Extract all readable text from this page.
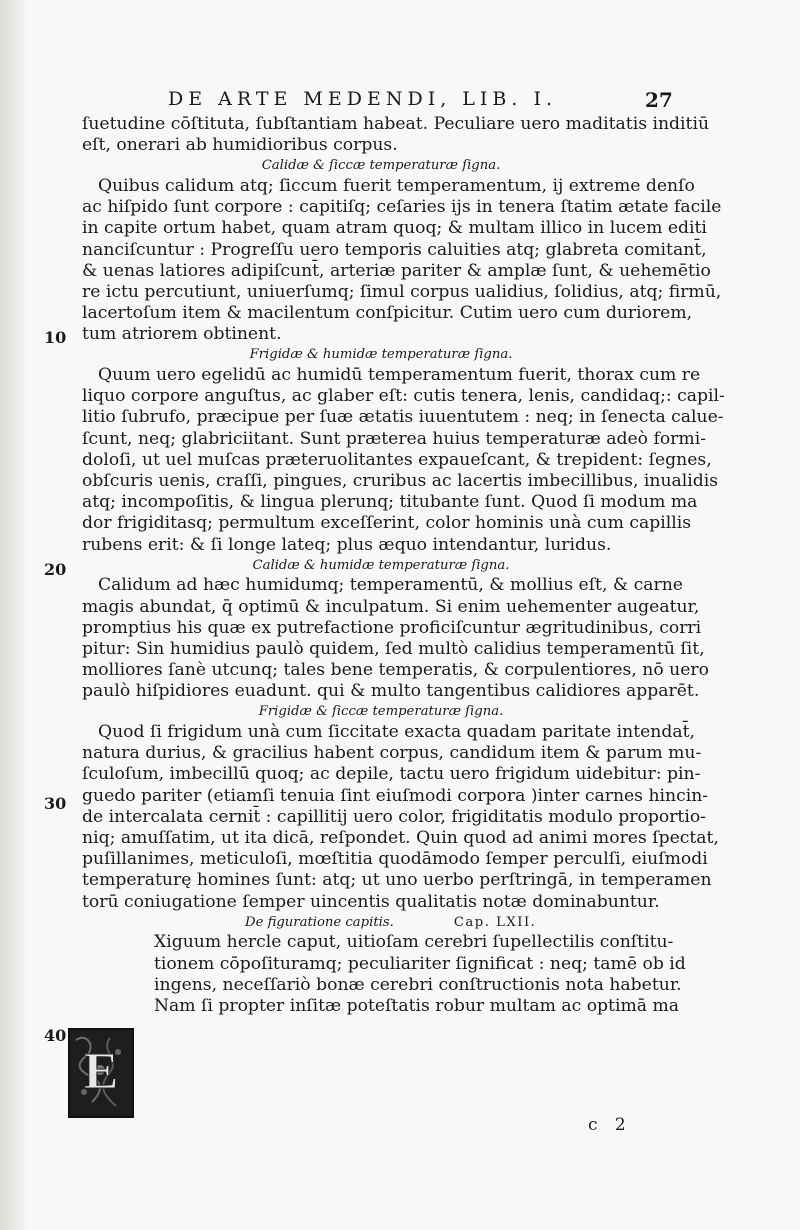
DE ARTE MEDENDI, LIB. I.	27
ſuetudine cōſtituta, ſubſtantiam habeat. Peculiare uero maditatis inditiū
eſt, onerari ab humidioribus corpus.
Calidæ & ſiccæ temperaturæ ſigna.
Quibus calidum atq; ſiccum fuerit temperamentum, ij extreme denſo
ac hiſpido ſunt corpore : capitiſq; ceſaries ijs in tenera ſtatim ætate facile
in capite ortum habet, quam atram quoq; & multam illico in lucem editi
nanciſcuntur : Progreſſu uero temporis caluities atq; glabreta comitant̄,
& uenas latiores adipiſcunt̄, arteriæ pariter & amplæ ſunt, & uehemētio
re ictu percutiunt, uniuerſumq; ſimul corpus ualidius, ſolidius, atq; firmū,
lacertoſum item & macilentum conſpicitur. Cutim uero cum duriorem,
tum atriorem obtinent.
Frigidæ & humidæ temperaturæ ſigna.
Quum uero egelidū ac humidū temperamentum fuerit, thorax cum re
liquo corpore anguſtus, ac glaber eſt: cutis tenera, lenis, candidaq;: capil-
litio ſubrufo, præcipue per ſuæ ætatis iuuentutem : neq; in ſenecta calue-
ſcunt, neq; glabriciitant. Sunt præterea huius temperaturæ adeò formi-
doloſi, ut uel muſcas præteruolitantes expaueſcant, & trepident: ſegnes,
obſcuris uenis, craſſi, pingues, cruribus ac lacertis imbecillibus, inualidis
atq; incompoſitis, & lingua plerunq; titubante ſunt. Quod ſi modum ma
dor frigiditasq; permultum exceſſerint, color hominis unà cum capillis
rubens erit: & ſi longe lateq; plus æquo intendantur, luridus.
Calidæ & humidæ temperaturæ ſigna.
Calidum ad hæc humidumq; temperamentū, & mollius eſt, & carne
magis abundat, q̄ optimū & inculpatum. Si enim uehementer augeatur,
promptius his quæ ex putrefactione proficiſcuntur ægritudinibus, corri
pitur: Sin humidius paulò quidem, ſed multò calidius temperamentū ſit,
molliores ſanè utcunq; tales bene temperatis, & corpulentiores, nō uero
paulò hiſpidiores euadunt. qui & multo tangentibus calidiores apparēt.
Frigidæ & ſiccæ temperaturæ ſigna.
Quod ſi frigidum unà cum ſiccitate exacta quadam paritate intendat̄,
natura durius, & gracilius habent corpus, candidum item & parum mu-
ſculoſum, imbecillū quoq; ac depile, tactu uero frigidum uidebitur: pin-
guedo pariter (etiamſi tenuia ſint eiuſmodi corpora )inter carnes hincin-
de intercalata cernit̄ : capillitij uero color, frigiditatis modulo proportio-
niq; amuſſatim, ut ita dicā, reſpondet. Quin quod ad animi mores ſpectat,
puſillanimes, meticuloſi, mœſtitia quodāmodo ſemper perculſi, eiuſmodi
temperaturę homines ſunt: atq; ut uno uerbo perſtringā, in temperamen
torū coniugatione ſemper uincentis qualitatis notæ dominabuntur.
De figuratione capitis.	Cap. LXII.
Xiguum hercle caput, uitioſam cerebri ſupellectilis conſtitu-
tionem cōpoſituramq; peculiariter ſignificat : neq; tamē ob id
ingens, neceſſariò bonæ cerebri conſtructionis nota habetur.
Nam ſi propter inſitæ poteſtatis robur multam ac optimā ma
10
20
30
40
E
c 2
